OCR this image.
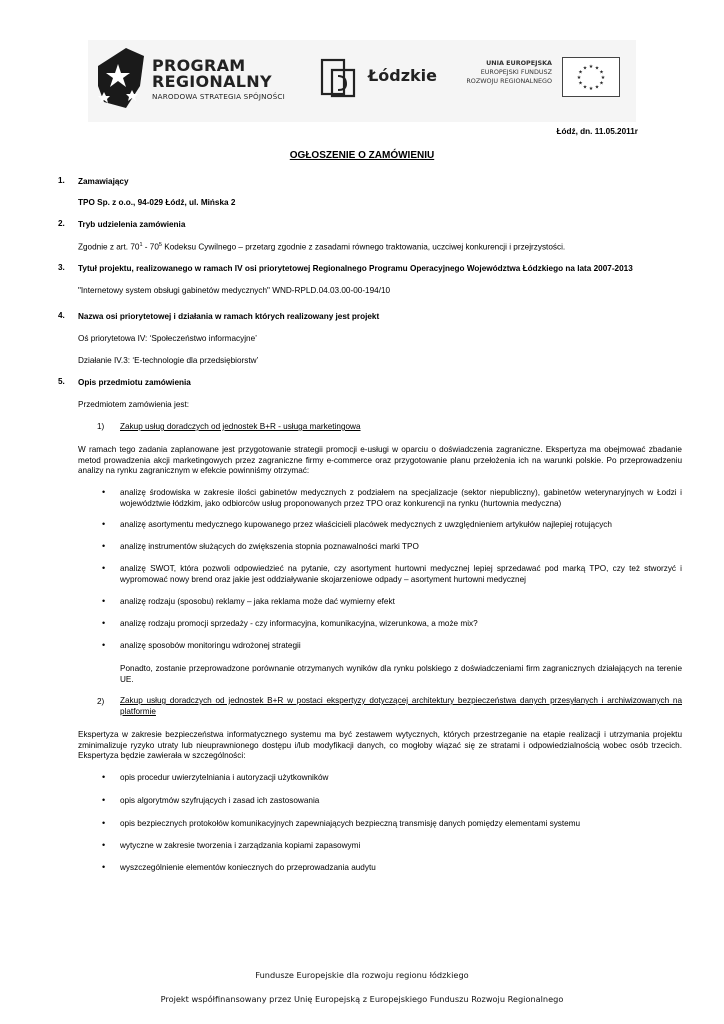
PROGRAM
REGIONALNY
NARODOWA STRATEGIA SPÓJNOŚCI
Łódzkie
UNIA EUROPEJSKA
EUROPEJSKI FUNDUSZ
ROZWOJU REGIONALNEGO
★ ★
★
★
★
★
★
★
★
★
★
★
Łódź, dn. 11.05.2011r
OGŁOSZENIE O ZAMÓWIENIU
1. Zamawiający
TPO Sp. z o.o., 94-029 Łódź, ul. Mińska 2
2. Tryb udzielenia zamówienia
Zgodnie z art. $70^1 - 70^5$ Kodeksu Cywilnego – przetarg zgodnie z zasadami równego traktowania, uczciwej konkurencji i przejrzystości.
3. Tytuł projektu, realizowanego w ramach IV osi priorytetowej Regionalnego Programu Operacyjnego Województwa Łódzkiego na lata 2007-2013
"Internetowy system obsługi gabinetów medycznych" WND-RPLD.04.03.00-00-194/10
4. Nazwa osi priorytetowej i działania w ramach których realizowany jest projekt
Oś priorytetowa IV: ‘Społeczeństwo informacyjne’
Działanie IV.3: ‘E-technologie dla przedsiębiorstw’
5. Opis przedmiotu zamówienia
Przedmiotem zamówienia jest:
1) Zakup usług doradczych od jednostek B+R - usługa marketingowa
W ramach tego zadania zaplanowane jest przygotowanie strategii promocji e-usługi w oparciu o doświadczenia zagraniczne. Ekspertyza ma obejmować zbadanie metod prowadzenia akcji marketingowych przez zagraniczne firmy e-commerce oraz przygotowanie planu przełożenia ich na warunki polskie. Po przeprowadzeniu analizy na rynku zagranicznym w efekcie powinniśmy otrzymać:
• analizę środowiska w zakresie ilości gabinetów medycznych z podziałem na specjalizacje (sektor niepubliczny), gabinetów weterynaryjnych w Łodzi i województwie łódzkim, jako odbiorców usług proponowanych przez TPO oraz konkurencji na rynku (hurtownia medyczna)
• analizę asortymentu medycznego kupowanego przez właścicieli placówek medycznych z uwzględnieniem artykułów najlepiej rotujących
• analizę instrumentów służących do zwiększenia stopnia poznawalności marki TPO
• analizę SWOT, która pozwoli odpowiedzieć na pytanie, czy asortyment hurtowni medycznej lepiej sprzedawać pod marką TPO, czy też stworzyć i wypromować nowy brend oraz jakie jest oddziaływanie skojarzeniowe odpady – asortyment hurtowni medycznej
• analizę rodzaju (sposobu) reklamy – jaka reklama może dać wymierny efekt
• analizę rodzaju promocji sprzedaży - czy informacyjna, komunikacyjna, wizerunkowa, a może mix?
• analizę sposobów monitoringu wdrożonej strategii
Ponadto, zostanie przeprowadzone porównanie otrzymanych wyników dla rynku polskiego z doświadczeniami firm zagranicznych działających na terenie UE.
2) Zakup usług doradczych od jednostek B+R w postaci ekspertyzy dotyczącej architektury bezpieczeństwa danych przesyłanych i archiwizowanych na platformie
Ekspertyza w zakresie bezpieczeństwa informatycznego systemu ma być zestawem wytycznych, których przestrzeganie na etapie realizacji i utrzymania projektu zminimalizuje ryzyko utraty lub nieuprawnionego dostępu i/lub modyfikacji danych, co mogłoby wiązać się ze stratami i odpowiedzialnością wobec osób trzecich. Ekspertyza będzie zawierała w szczególności:
• opis procedur uwierzytelniania i autoryzacji użytkowników
• opis algorytmów szyfrujących i zasad ich zastosowania
• opis bezpiecznych protokołów komunikacyjnych zapewniających bezpieczną transmisję danych pomiędzy elementami systemu
• wytyczne w zakresie tworzenia i zarządzania kopiami zapasowymi
• wyszczególnienie elementów koniecznych do przeprowadzania audytu
Fundusze Europejskie dla rozwoju regionu łódzkiego
Projekt współfinansowany przez Unię Europejską z Europejskiego Funduszu Rozwoju Regionalnego
